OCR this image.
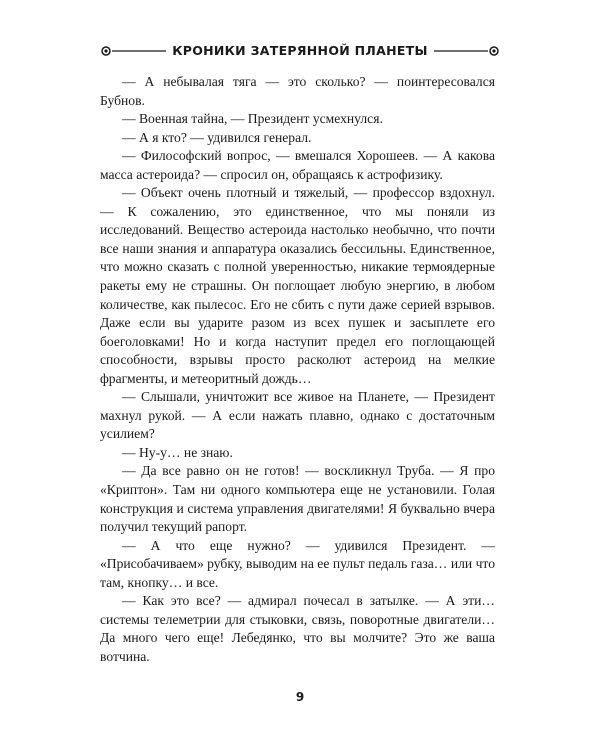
КРОНИКИ ЗАТЕРЯННОЙ ПЛАНЕТЫ

— А небывалая тяга — это сколько? — поинтересовался Бубнов.

— Военная тайна, — Президент усмехнулся.

— А я кто? — удивился генерал.

— Философский вопрос, — вмешался Хорошеев. — А какова масса астероида? — спросил он, обращаясь к астрофизику.

— Объект очень плотный и тяжелый, — профессор вздохнул. — К сожалению, это единственное, что мы поняли из исследований. Вещество астероида настолько необычно, что почти все наши знания и аппаратура оказались бессильны. Единственное, что можно сказать с полной уверенностью, никакие термоядерные ракеты ему не страшны. Он поглощает любую энергию, в любом количестве, как пылесос. Его не сбить с пути даже серией взрывов. Даже если вы ударите разом из всех пушек и засыплете его боеголовками! Но и когда наступит предел его поглощающей способности, взрывы просто расколют астероид на мелкие фрагменты, и метеоритный дождь…

— Слышали, уничтожит все живое на Планете, — Президент махнул рукой. — А если нажать плавно, однако с достаточным усилием?

— Ну-у… не знаю.

— Да все равно он не готов! — воскликнул Труба. — Я про «Криптон». Там ни одного компьютера еще не установили. Голая конструкция и система управления двигателями! Я буквально вчера получил текущий рапорт.

— А что еще нужно? — удивился Президент. — «Присобачиваем» рубку, выводим на ее пульт педаль газа… или что там, кнопку… и все.

— Как это все? — адмирал почесал в затылке. — А эти… системы телеметрии для стыковки, связь, поворотные двигатели… Да много чего еще! Лебедянко, что вы молчите? Это же ваша вотчина.

9
